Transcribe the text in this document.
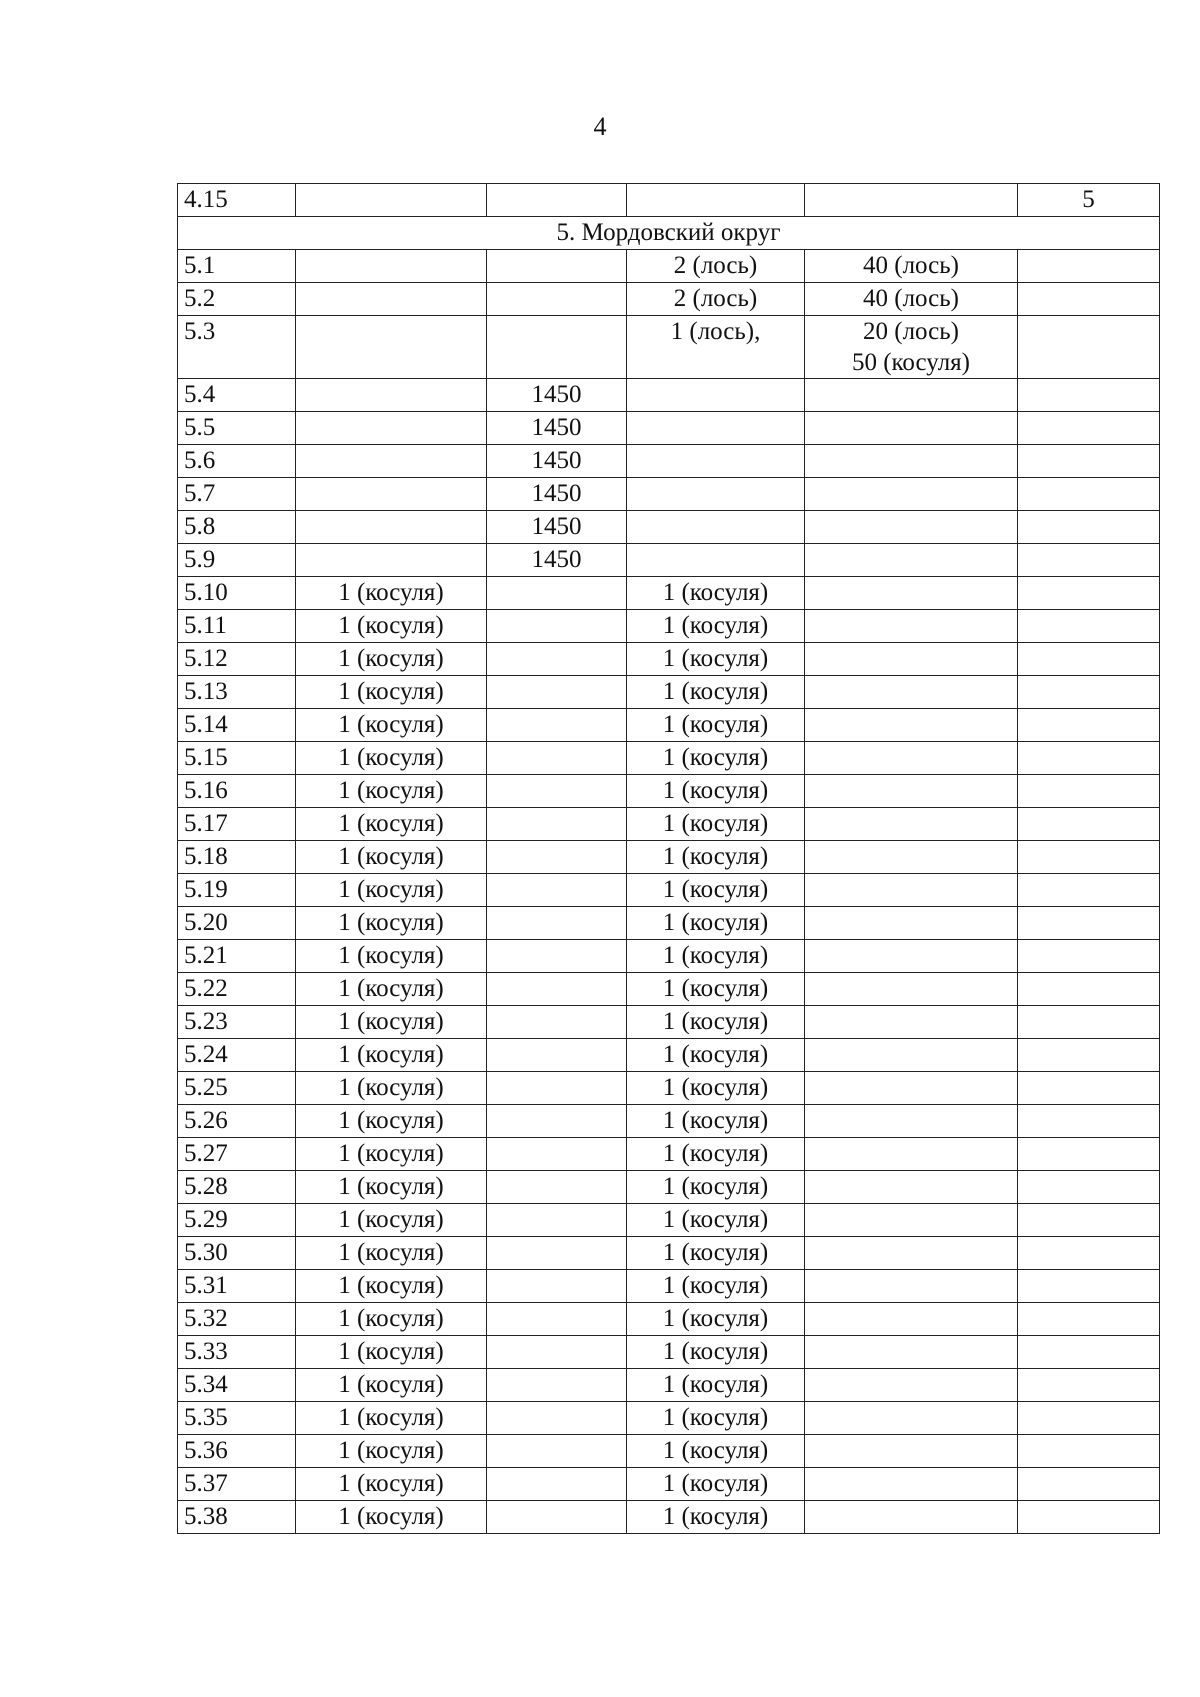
4
4.15					5
5. Мордовский округ					
5.1			2 (лось)	40 (лось)	
5.2			2 (лось)	40 (лось)	
5.3			1 (лось),	20 (лось)
50 (косуля)	
5.4		1450			
5.5		1450			
5.6		1450			
5.7		1450			
5.8		1450			
5.9		1450			
5.10	1 (косуля)		1 (косуля)		
5.11	1 (косуля)		1 (косуля)		
5.12	1 (косуля)		1 (косуля)		
5.13	1 (косуля)		1 (косуля)		
5.14	1 (косуля)		1 (косуля)		
5.15	1 (косуля)		1 (косуля)		
5.16	1 (косуля)		1 (косуля)		
5.17	1 (косуля)		1 (косуля)		
5.18	1 (косуля)		1 (косуля)		
5.19	1 (косуля)		1 (косуля)		
5.20	1 (косуля)		1 (косуля)		
5.21	1 (косуля)		1 (косуля)		
5.22	1 (косуля)		1 (косуля)		
5.23	1 (косуля)		1 (косуля)		
5.24	1 (косуля)		1 (косуля)		
5.25	1 (косуля)		1 (косуля)		
5.26	1 (косуля)		1 (косуля)		
5.27	1 (косуля)		1 (косуля)		
5.28	1 (косуля)		1 (косуля)		
5.29	1 (косуля)		1 (косуля)		
5.30	1 (косуля)		1 (косуля)		
5.31	1 (косуля)		1 (косуля)		
5.32	1 (косуля)		1 (косуля)		
5.33	1 (косуля)		1 (косуля)		
5.34	1 (косуля)		1 (косуля)		
5.35	1 (косуля)		1 (косуля)		
5.36	1 (косуля)		1 (косуля)		
5.37	1 (косуля)		1 (косуля)		
5.38	1 (косуля)		1 (косуля)		
